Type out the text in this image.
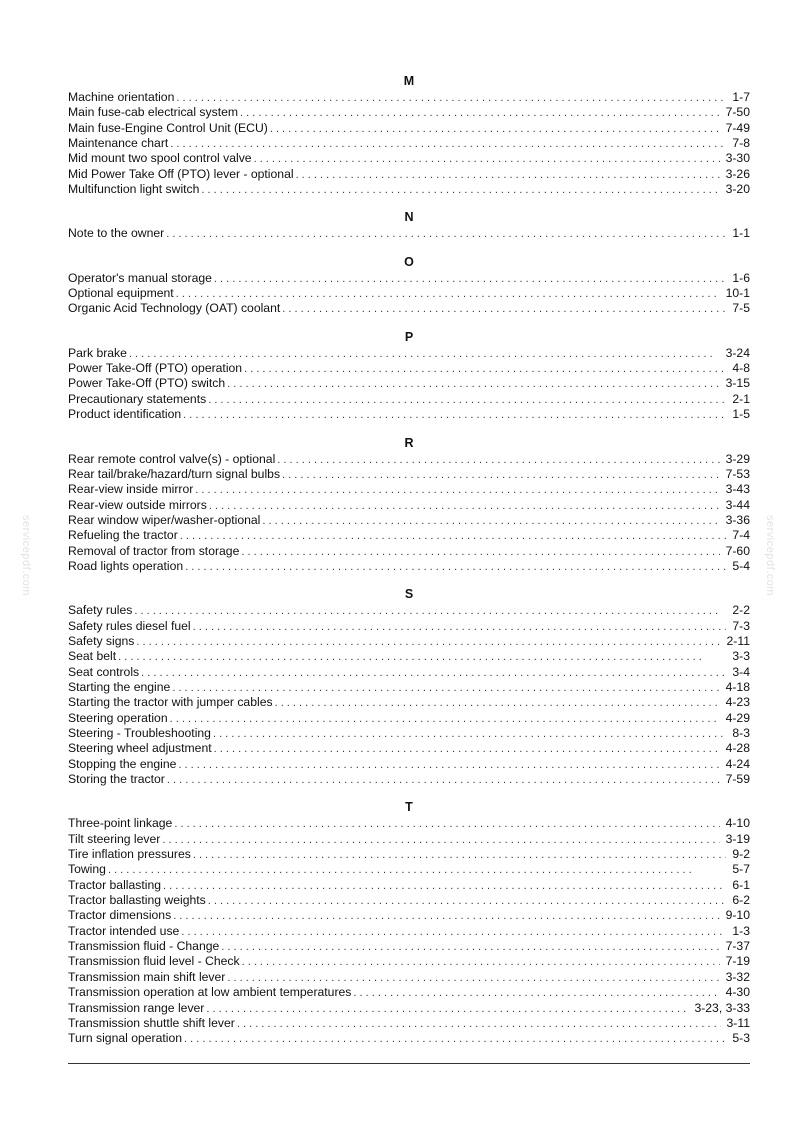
servicepdf.com	servicepdf.com
M
Machine orientation . . .	1-7
Main fuse-cab electrical system . . .	7-50
Main fuse-Engine Control Unit (ECU) . . .	7-49
Maintenance chart . . .	7-8
Mid mount two spool control valve . . .	3-30
Mid Power Take Off (PTO) lever - optional . . .	3-26
Multifunction light switch . . .	3-20
N
Note to the owner . . .	1-1
O
Operator's manual storage . . .	1-6
Optional equipment . . .	10-1
Organic Acid Technology (OAT) coolant . . .	7-5
P
Park brake . . .	3-24
Power Take-Off (PTO) operation . . .	4-8
Power Take-Off (PTO) switch . . .	3-15
Precautionary statements . . .	2-1
Product identification . . .	1-5
R
Rear remote control valve(s) - optional . . .	3-29
Rear tail/brake/hazard/turn signal bulbs . . .	7-53
Rear-view inside mirror . . .	3-43
Rear-view outside mirrors . . .	3-44
Rear window wiper/washer-optional . . .	3-36
Refueling the tractor . . .	7-4
Removal of tractor from storage . . .	7-60
Road lights operation . . .	5-4
S
Safety rules . . .	2-2
Safety rules diesel fuel . . .	7-3
Safety signs . . .	2-11
Seat belt . . .	3-3
Seat controls . . .	3-4
Starting the engine . . .	4-18
Starting the tractor with jumper cables . . .	4-23
Steering operation . . .	4-29
Steering - Troubleshooting . . .	8-3
Steering wheel adjustment . . .	4-28
Stopping the engine . . .	4-24
Storing the tractor . . .	7-59
T
Three-point linkage . . .	4-10
Tilt steering lever . . .	3-19
Tire inflation pressures . . .	9-2
Towing . . .	5-7
Tractor ballasting . . .	6-1
Tractor ballasting weights . . .	6-2
Tractor dimensions . . .	9-10
Tractor intended use . . .	1-3
Transmission fluid - Change . . .	7-37
Transmission fluid level - Check . . .	7-19
Transmission main shift lever . . .	3-32
Transmission operation at low ambient temperatures . . .	4-30
Transmission range lever . . .	3-23, 3-33
Transmission shuttle shift lever . . .	3-11
Turn signal operation . . .	5-3
